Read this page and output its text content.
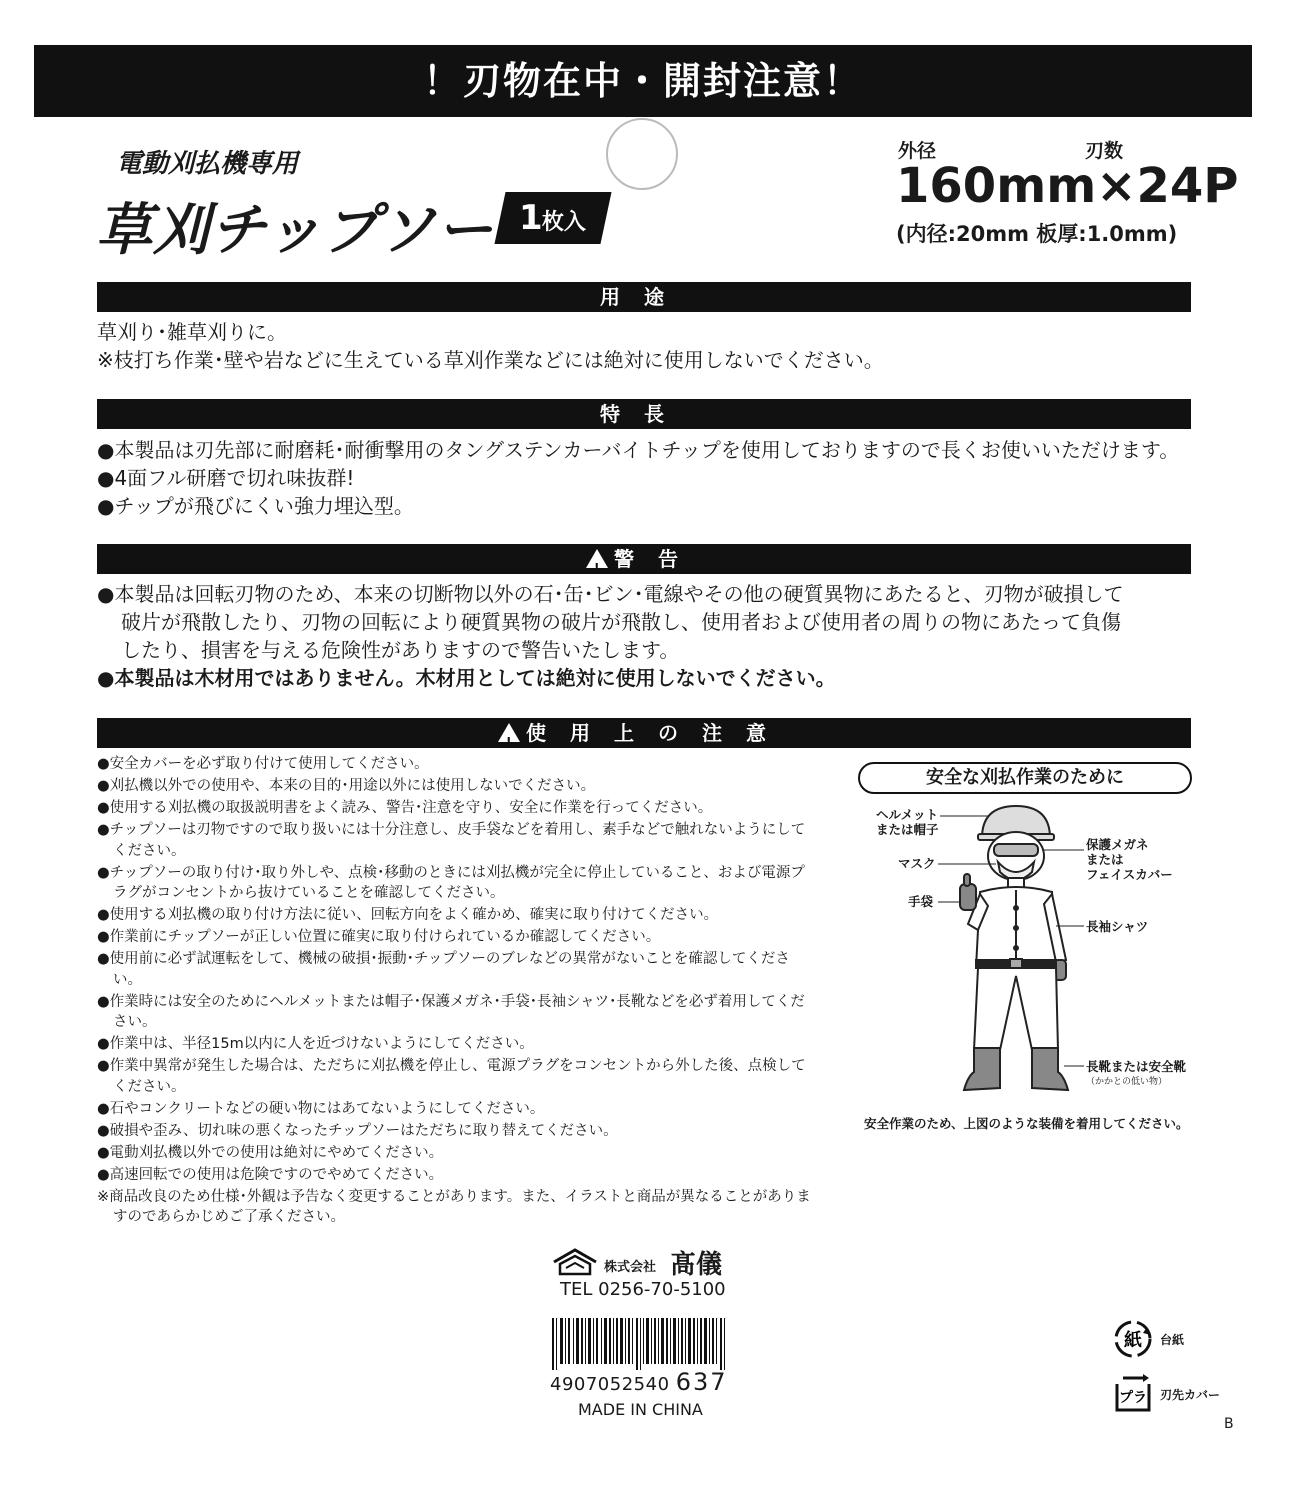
！刃物在中・開封注意！
電動刈払機専用
草刈チップソー 1枚入
外径	刃数
160mm×24P
(内径:20mm 板厚:1.0mm)
用途

草刈り･雑草刈りに。

※枝打ち作業･壁や岩などに生えている草刈作業などには絶対に使用しないでください。

特長

●本製品は刃先部に耐磨耗･耐衝撃用のタングステンカーバイトチップを使用しておりますので長くお使いいただけます。

●4面フル研磨で切れ味抜群!

●チップが飛びにくい強力埋込型。

!警告

●本製品は回転刃物のため、本来の切断物以外の石･缶･ビン･電線やその他の硬質異物にあたると、刃物が破損して

破片が飛散したり、刃物の回転により硬質異物の破片が飛散し、使用者および使用者の周りの物にあたって負傷

したり、損害を与える危険性がありますので警告いたします。

●本製品は木材用ではありません。木材用としては絶対に使用しないでください。

!使用上の注意

●安全カバーを必ず取り付けて使用してください。

●刈払機以外での使用や、本来の目的･用途以外には使用しないでください。

●使用する刈払機の取扱説明書をよく読み、警告･注意を守り、安全に作業を行ってください。

●チップソーは刃物ですので取り扱いには十分注意し、皮手袋などを着用し、素手などで触れないようにしてください。

●チップソーの取り付け･取り外しや、点検･移動のときには刈払機が完全に停止していること、および電源プラグがコンセントから抜けていることを確認してください。

●使用する刈払機の取り付け方法に従い、回転方向をよく確かめ、確実に取り付けてください。

●作業前にチップソーが正しい位置に確実に取り付けられているか確認してください。

●使用前に必ず試運転をして、機械の破損･振動･チップソーのブレなどの異常がないことを確認してください。

●作業時には安全のためにヘルメットまたは帽子･保護メガネ･手袋･長袖シャツ･長靴などを必ず着用してください。

●作業中は、半径15m以内に人を近づけないようにしてください。

●作業中異常が発生した場合は、ただちに刈払機を停止し、電源プラグをコンセントから外した後、点検してください。

●石やコンクリートなどの硬い物にはあてないようにしてください。

●破損や歪み、切れ味の悪くなったチップソーはただちに取り替えてください。

●電動刈払機以外での使用は絶対にやめてください。

●高速回転での使用は危険ですのでやめてください。

※商品改良のため仕様･外観は予告なく変更することがあります。また、イラストと商品が異なることがありますのであらかじめご了承ください。

安全な刈払作業のために
ヘルメット
または帽子
マスク
手袋
保護メガネ
または
フェイスカバー
長袖シャツ
長靴または安全靴
（かかとの低い物）
安全作業のため、上図のような装備を着用してください。
株式会社 髙儀
TEL 0256-70-5100
4907052540 637
MADE IN CHINA
紙 台紙
プラ 刃先カバー
B
